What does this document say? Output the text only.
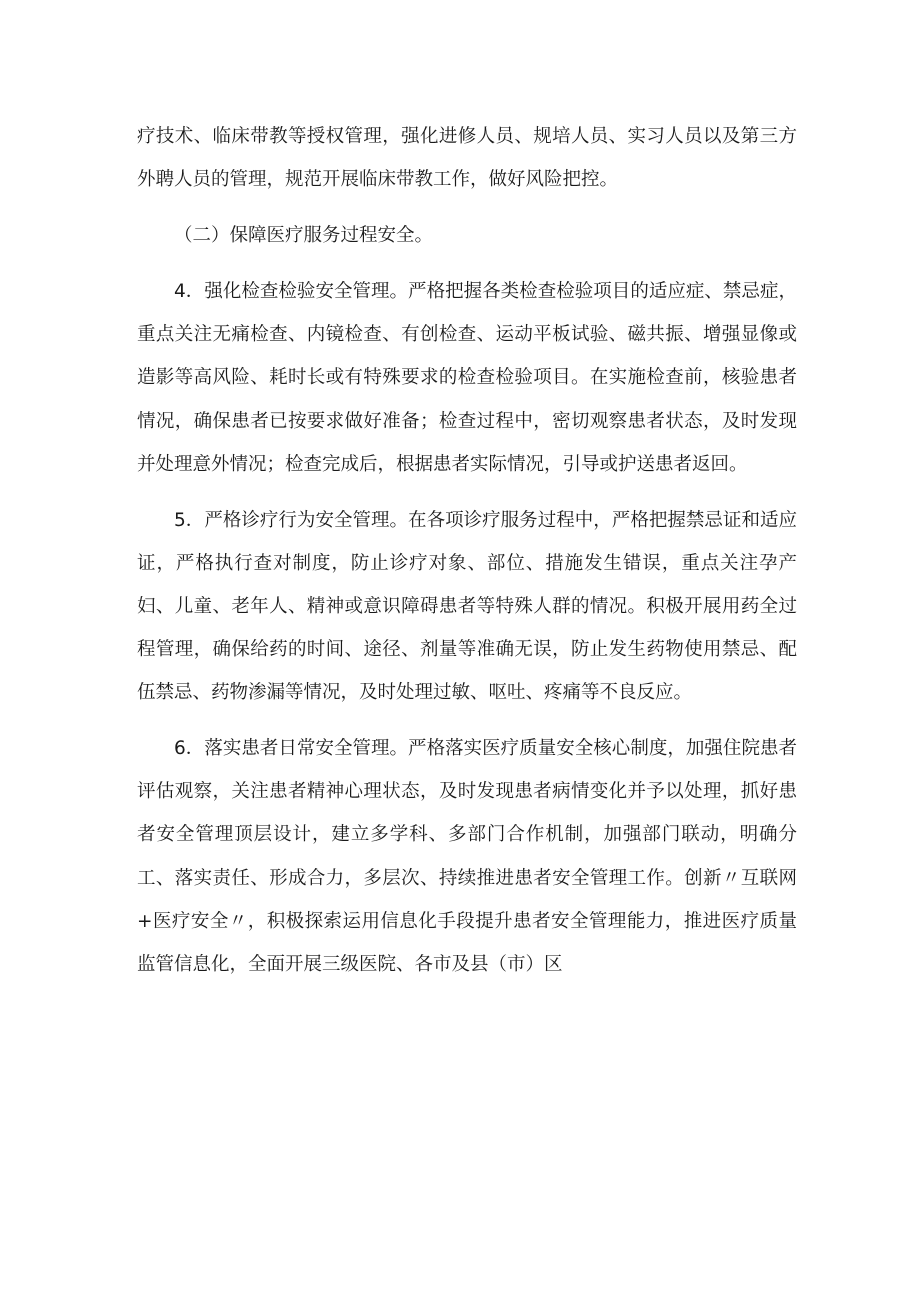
疗技术、临床带教等授权管理，强化进修人员、规培人员、实习人员以及第三方外聘人员的管理，规范开展临床带教工作，做好风险把控。

（二）保障医疗服务过程安全。

4．强化检查检验安全管理。严格把握各类检查检验项目的适应症、禁忌症，重点关注无痛检查、内镜检查、有创检查、运动平板试验、磁共振、增强显像或造影等高风险、耗时长或有特殊要求的检查检验项目。在实施检查前，核验患者情况，确保患者已按要求做好准备；检查过程中，密切观察患者状态，及时发现并处理意外情况；检查完成后，根据患者实际情况，引导或护送患者返回。

5．严格诊疗行为安全管理。在各项诊疗服务过程中，严格把握禁忌证和适应证，严格执行查对制度，防止诊疗对象、部位、措施发生错误，重点关注孕产妇、儿童、老年人、精神或意识障碍患者等特殊人群的情况。积极开展用药全过程管理，确保给药的时间、途径、剂量等准确无误，防止发生药物使用禁忌、配伍禁忌、药物渗漏等情况，及时处理过敏、呕吐、疼痛等不良反应。

6．落实患者日常安全管理。严格落实医疗质量安全核心制度，加强住院患者评估观察，关注患者精神心理状态，及时发现患者病情变化并予以处理，抓好患者安全管理顶层设计，建立多学科、多部门合作机制，加强部门联动，明确分工、落实责任、形成合力，多层次、持续推进患者安全管理工作。创新〃互联网+医疗安全〃，积极探索运用信息化手段提升患者安全管理能力，推进医疗质量监管信息化，全面开展三级医院、各市及县（市）区
